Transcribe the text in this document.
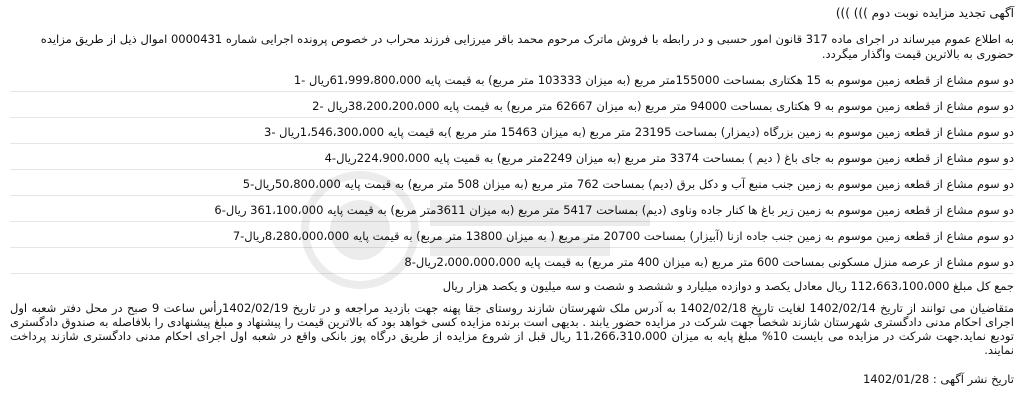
آگهی تجدید مزایده نوبت دوم ))) )))
به اطلاع عموم میرساند در اجرای ماده 317 قانون امور حسبی و در رابطه با فروش ماترک مرحوم محمد باقر میرزایی فرزند محراب در خصوص پرونده اجرایی شماره 0000431 اموال ذیل از طریق مزایده حضوری به بالاترین قیمت واگذار میگردد.
دو سوم مشاع از قطعه زمین موسوم به 15 هکتاری بمساحت 155000متر مربع (به میزان 103333 متر مربع) به قیمت پایه 61،999،800،000ریال -1
دو سوم مشاع از قطعه زمین موسوم به 9 هکتاری بمساحت 94000 متر مربع (به میزان 62667 متر مربع) به قیمت پایه 38،200،200،000ریال -2
دو سوم مشاع از قطعه زمین موسوم به زمین بزرگاه (دیمزار) بمساحت 23195 متر مربع (به میزان 15463 متر مربع )به قیمت پایه 1،546،300،000ریال -3
دو سوم مشاع از قطعه زمین موسوم به جای باغ ( دیم ) بمساحت 3374 متر مربع (به میزان 2249متر مربع) به قمیت پایه 224،900،000ریال-4
دو سوم مشاع از قطعه زمین موسوم به زمین جنب منبع آب و دکل برق (دیم) بمساحت 762 متر مربع (به میزان 508 متر مربع) به قیمت پایه 50،800،000ریال-5
دو سوم مشاع از قطعه زمین موسوم به زمین زیر باغ ها کنار جاده وناوی (دیم) بمساحت 5417 متر مربع (به میزان 3611متر مربع) به قیمت پایه 361،100،000 ریال-6
دو سوم مشاع از قطعه زمین موسوم به زمین جنب جاده ازنا (آبیزار) بمساحت 20700 متر مربع ( به میزان 13800 متر مربع) به قیمت پایه 8،280،000،000ریال-7
دو سوم مشاع از عرصه منزل مسکونی بمساحت 600 متر مربع (به میزان 400 متر مربع) به قیمت پایه 2،000،000،000ریال-8
جمع کل مبلغ 112،663،100،000 ریال معادل یکصد و دوازده میلیارد و ششصد و شصت و سه میلیون و یکصد هزار ریال
متقاضیان می توانند از تاریخ 1402/02/14 لغایت تاریخ 1402/02/18 به آدرس ملک شهرستان شازند روستای جقا پهنه جهت بازدید مراجعه و در تاریخ 1402/02/19رأس ساعت 9 صبح در محل دفتر شعبه اول اجرای احکام مدنی دادگستری شهرستان شازند شخصاً جهت شرکت در مزایده حضور یابند . بدیهی است برنده مزایده کسی خواهد بود که بالاترین قیمت را پیشنهاد و مبلغ پیشنهادی را بلافاصله به صندوق دادگستری تودیع نماید.جهت شرکت در مزایده می بایست 10% مبلغ پایه به میزان 11،266،310،000 ریال قبل از شروع مزایده از طریق درگاه پوز بانکی واقع در شعبه اول اجرای احکام مدنی دادگستری شازند پرداخت نمایند.
تاریخ نشر آگهی : 1402/01/28
